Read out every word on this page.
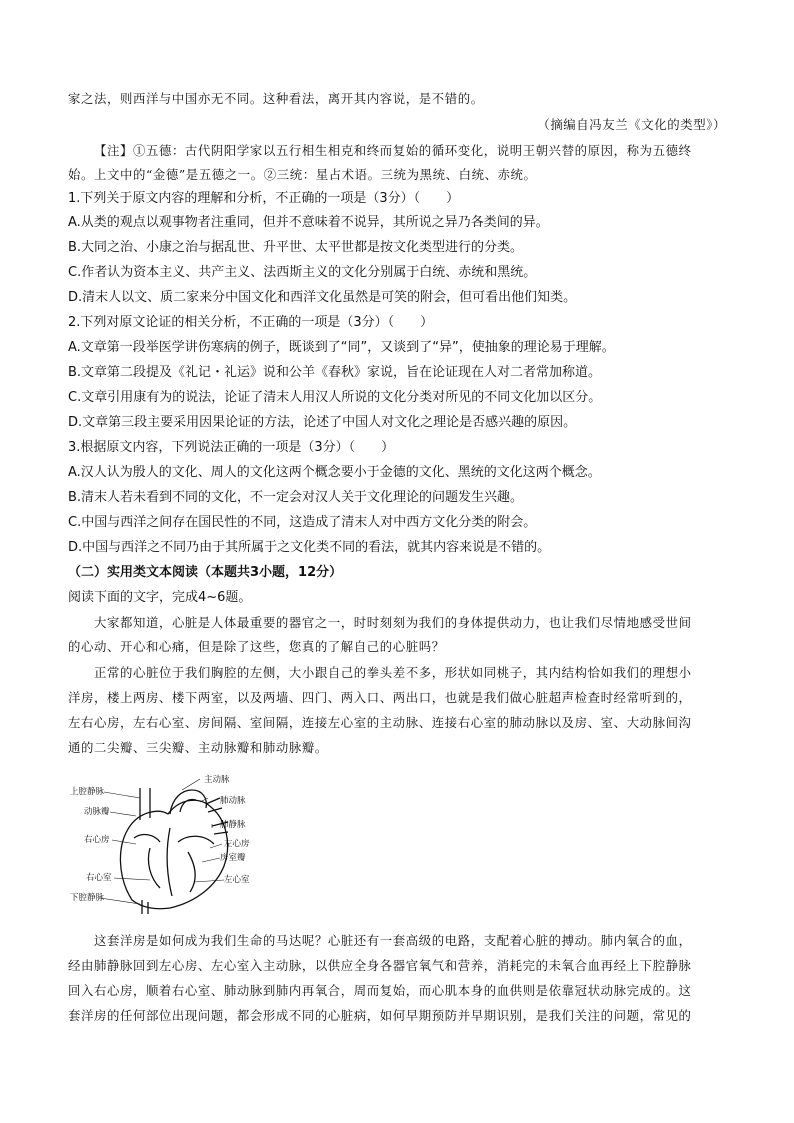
家之法，则西洋与中国亦无不同。这种看法，离开其内容说，是不错的。
（摘编自冯友兰《文化的类型》）
【注】①五德：古代阴阳学家以五行相生相克和终而复始的循环变化，说明王朝兴替的原因，称为五德终
始。上文中的“金德”是五德之一。②三统：星占术语。三统为黑统、白统、赤统。
1.下列关于原文内容的理解和分析，不正确的一项是（3分）（　　）
A.从类的观点以观事物者注重同，但并不意味着不说异，其所说之异乃各类间的异。
B.大同之治、小康之治与据乱世、升平世、太平世都是按文化类型进行的分类。
C.作者认为资本主义、共产主义、法西斯主义的文化分别属于白统、赤统和黑统。
D.清末人以文、质二家来分中国文化和西洋文化虽然是可笑的附会，但可看出他们知类。
2.下列对原文论证的相关分析，不正确的一项是（3分）（　　）
A.文章第一段举医学讲伤寒病的例子，既谈到了“同”，又谈到了“异”，使抽象的理论易于理解。
B.文章第二段提及《礼记・礼运》说和公羊《春秋》家说，旨在论证现在人对二者常加称道。
C.文章引用康有为的说法，论证了清末人用汉人所说的文化分类对所见的不同文化加以区分。
D.文章第三段主要采用因果论证的方法，论述了中国人对文化之理论是否感兴趣的原因。
3.根据原文内容，下列说法正确的一项是（3分）（　　）
A.汉人认为殷人的文化、周人的文化这两个概念要小于金德的文化、黑统的文化这两个概念。
B.清末人若未看到不同的文化，不一定会对汉人关于文化理论的问题发生兴趣。
C.中国与西洋之间存在国民性的不同，这造成了清末人对中西方文化分类的附会。
D.中国与西洋之不同乃由于其所属于之文化类不同的看法，就其内容来说是不错的。
（二）实用类文本阅读（本题共3小题，12分）
阅读下面的文字，完成4~6题。
大家都知道，心脏是人体最重要的器官之一，时时刻刻为我们的身体提供动力，也让我们尽情地感受世间
的心动、开心和心痛，但是除了这些，您真的了解自己的心脏吗？
正常的心脏位于我们胸腔的左侧，大小跟自己的拳头差不多，形状如同桃子，其内结构恰如我们的理想小
洋房，楼上两房、楼下两室，以及两墙、四门、两入口、两出口，也就是我们做心脏超声检查时经常听到的，
左右心房，左右心室、房间隔、室间隔，连接左心室的主动脉、连接右心室的肺动脉以及房、室、大动脉间沟
通的二尖瓣、三尖瓣、主动脉瓣和肺动脉瓣。
主动脉
上腔静脉
肺动脉
动脉瓣
肺静脉
右心房	左心房
房室瓣
右心室	左心室
下腔静脉
这套洋房是如何成为我们生命的马达呢？心脏还有一套高级的电路，支配着心脏的搏动。肺内氧合的血，
经由肺静脉回到左心房、左心室入主动脉，以供应全身各器官氧气和营养，消耗完的未氧合血再经上下腔静脉
回入右心房，顺着右心室、肺动脉到肺内再氧合，周而复始，而心肌本身的血供则是依靠冠状动脉完成的。这
套洋房的任何部位出现问题，都会形成不同的心脏病，如何早期预防并早期识别，是我们关注的问题，常见的
